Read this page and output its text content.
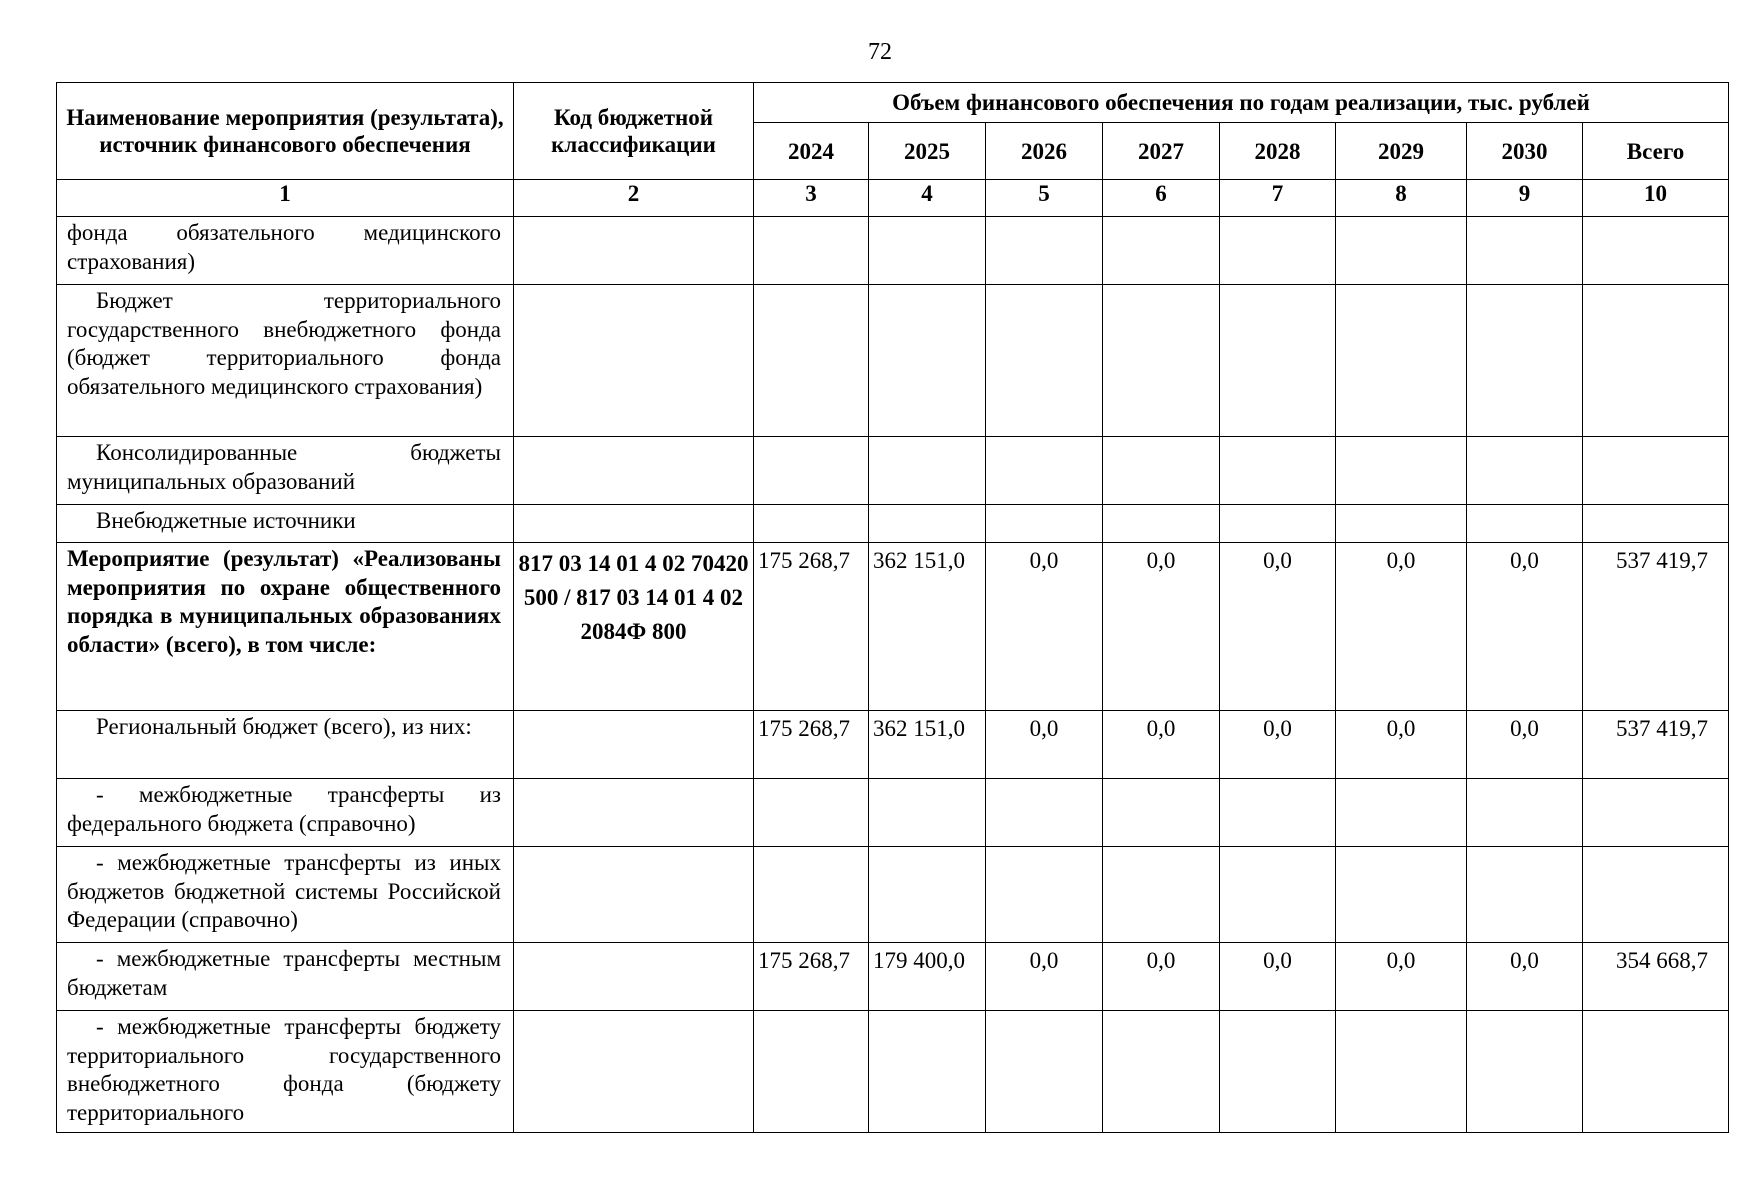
72
Наименование мероприятия (результата), источник финансового обеспечения	Код бюджетной классификации	Объем финансового обеспечения по годам реализации, тыс. рублей							
		2024	2025	2026	2027	2028	2029	2030	Всего
1	2	3	4	5	6	7	8	9	10
фонда обязательного медицинского страхования)									
Бюджет территориального государственного внебюджетного фонда (бюджет территориального фонда обязательного медицинского страхования)									
Консолидированные бюджеты муниципальных образований									
Внебюджетные источники									
Мероприятие (результат) «Реализованы мероприятия по охране общественного порядка в муниципальных образованиях области» (всего), в том числе:	817 03 14 01 4 02 70420 500 / 817 03 14 01 4 02 2084Ф 800	175 268,7	362 151,0	0,0	0,0	0,0	0,0	0,0	537 419,7
Региональный бюджет (всего), из них:		175 268,7	362 151,0	0,0	0,0	0,0	0,0	0,0	537 419,7
- межбюджетные трансферты из федерального бюджета (справочно)									
- межбюджетные трансферты из иных бюджетов бюджетной системы Российской Федерации (справочно)									
- межбюджетные трансферты местным бюджетам		175 268,7	179 400,0	0,0	0,0	0,0	0,0	0,0	354 668,7
- межбюджетные трансферты бюджету территориального государственного внебюджетного фонда (бюджету территориального									
